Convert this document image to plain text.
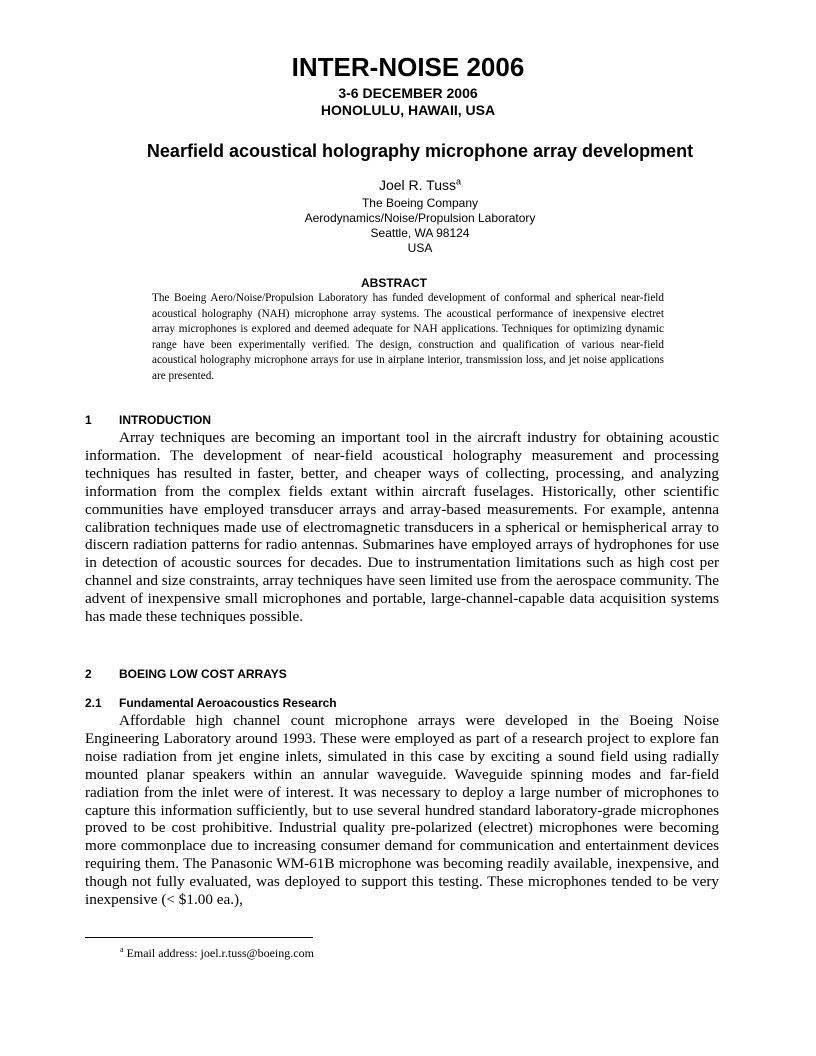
INTER-NOISE 2006
3-6 DECEMBER 2006
HONOLULU, HAWAII, USA
Nearfield acoustical holography microphone array development
Joel R. Tuss$^a$
The Boeing Company
Aerodynamics/Noise/Propulsion Laboratory
Seattle, WA 98124
USA
ABSTRACT

The Boeing Aero/Noise/Propulsion Laboratory has funded development of conformal and spherical near-field acoustical holography (NAH) microphone array systems. The acoustical performance of inexpensive electret array microphones is explored and deemed adequate for NAH applications. Techniques for optimizing dynamic range have been experimentally verified. The design, construction and qualification of various near-field acoustical holography microphone arrays for use in airplane interior, transmission loss, and jet noise applications are presented.

1 INTRODUCTION

Array techniques are becoming an important tool in the aircraft industry for obtaining acoustic information. The development of near-field acoustical holography measurement and processing techniques has resulted in faster, better, and cheaper ways of collecting, processing, and analyzing information from the complex fields extant within aircraft fuselages. Historically, other scientific communities have employed transducer arrays and array-based measurements. For example, antenna calibration techniques made use of electromagnetic transducers in a spherical or hemispherical array to discern radiation patterns for radio antennas. Submarines have employed arrays of hydrophones for use in detection of acoustic sources for decades. Due to instrumentation limitations such as high cost per channel and size constraints, array techniques have seen limited use from the aerospace community. The advent of inexpensive small microphones and portable, large-channel-capable data acquisition systems has made these techniques possible.

2 BOEING LOW COST ARRAYS
2.1 Fundamental Aeroacoustics Research

Affordable high channel count microphone arrays were developed in the Boeing Noise Engineering Laboratory around 1993. These were employed as part of a research project to explore fan noise radiation from jet engine inlets, simulated in this case by exciting a sound field using radially mounted planar speakers within an annular waveguide. Waveguide spinning modes and far-field radiation from the inlet were of interest. It was necessary to deploy a large number of microphones to capture this information sufficiently, but to use several hundred standard laboratory-grade microphones proved to be cost prohibitive. Industrial quality pre-polarized (electret) microphones were becoming more commonplace due to increasing consumer demand for communication and entertainment devices requiring them. The Panasonic WM-61B microphone was becoming readily available, inexpensive, and though not fully evaluated, was deployed to support this testing. These microphones tended to be very inexpensive (< $1.00 ea.),

$^a$ Email address: joel.r.tuss@boeing.com
